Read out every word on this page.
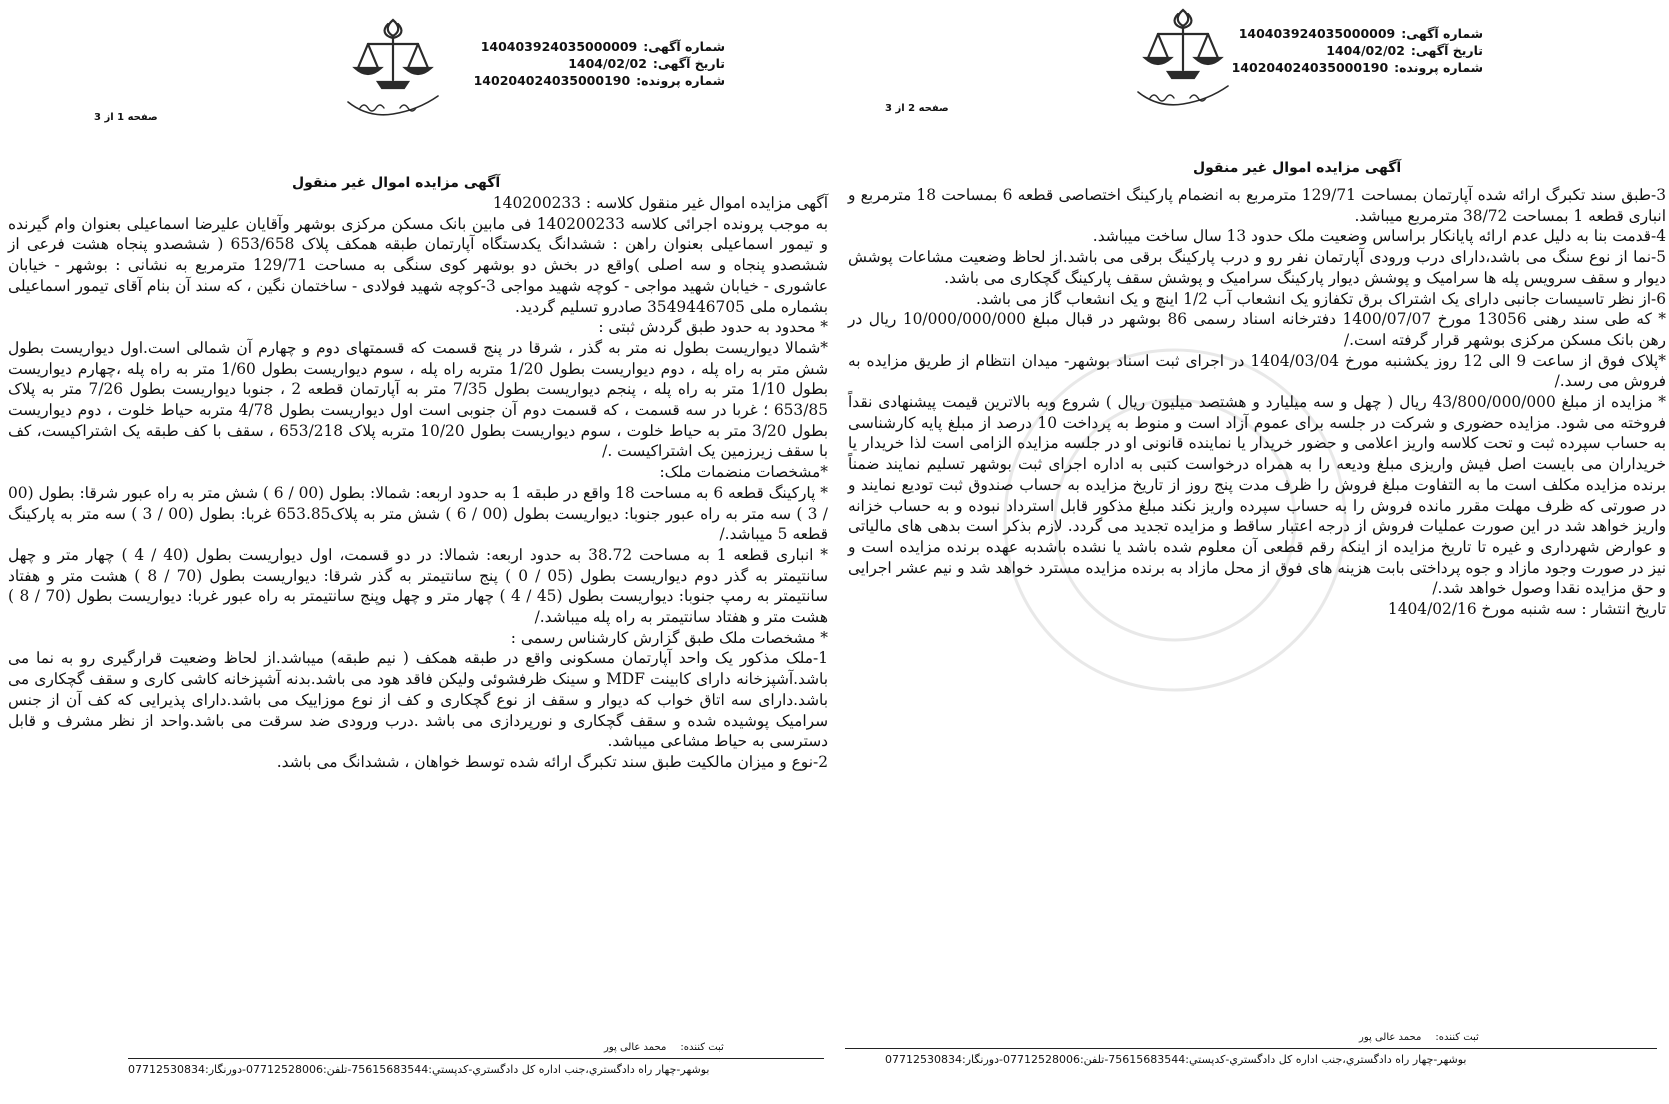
شماره آگهی:140403924035000009
تاریخ آگهی:1404/02/02
شماره پرونده:140204024035000190
صفحه 1 از 3
آگهی مزایده اموال غیر منقول

آگهی مزایده اموال غیر منقول کلاسه : 140200233

به موجب پرونده اجرائی کلاسه 140200233 فی مابین بانک مسکن مرکزی بوشهر وآقایان علیرضا اسماعیلی بعنوان وام گیرنده و تیمور اسماعیلی بعنوان راهن : ششدانگ یکدستگاه آپارتمان طبقه همکف پلاک 653/658 ( ششصدو پنجاه هشت فرعی از ششصدو پنجاه و سه اصلی )واقع در بخش دو بوشهر کوی سنگی به مساحت 129/71 مترمربع به نشانی : بوشهر - خیابان عاشوری - خیابان شهید مواجی - کوچه شهید مواجی 3-کوچه شهید فولادی - ساختمان نگین ، که سند آن بنام آقای تیمور اسماعیلی بشماره ملی 3549446705 صادرو تسلیم گردید.

* محدود به حدود طبق گردش ثبتی :

*شمالا دیواریست بطول نه متر به گذر ، شرقا در پنج قسمت که قسمتهای دوم و چهارم آن شمالی است.اول دیواریست بطول شش متر به راه پله ، دوم دیواریست بطول 1/20 متربه راه پله ، سوم دیواریست بطول 1/60 متر به راه پله ،چهارم دیواریست بطول 1/10 متر به راه پله ، پنجم دیواریست بطول 7/35 متر به آپارتمان قطعه 2 ، جنوبا دیواریست بطول 7/26 متر به پلاک 653/85 ؛ غربا در سه قسمت ، که قسمت دوم آن جنوبی است اول دیواریست بطول 4/78 متربه حیاط خلوت ، دوم دیواریست بطول 3/20 متر به حیاط خلوت ، سوم دیواریست بطول 10/20 متربه پلاک 653/218 ، سقف با کف طبقه یک اشتراکیست، کف با سقف زیرزمین یک اشتراکیست ./

*مشخصات منضمات ملک:

* پارکینگ قطعه 6 به مساحت 18 واقع در طبقه 1 به حدود اربعه: شمالا: بطول (00 / 6 ) شش متر به راه عبور شرقا: بطول (00 / 3 ) سه متر به راه عبور جنوبا: دیواریست بطول (00 / 6 ) شش متر به پلاک653.85 غربا: بطول (00 / 3 ) سه متر به پارکینگ قطعه 5 میباشد./

* انباری قطعه 1 به مساحت 38.72 به حدود اربعه: شمالا: در دو قسمت، اول دیواریست بطول (40 / 4 ) چهار متر و چهل سانتیمتر به گذر دوم دیواریست بطول (05 / 0 ) پنج سانتیمتر به گذر شرقا: دیواریست بطول (70 / 8 ) هشت متر و هفتاد سانتیمتر به رمپ جنوبا: دیواریست بطول (45 / 4 ) چهار متر و چهل وپنج سانتیمتر به راه عبور غربا: دیواریست بطول (70 / 8 ) هشت متر و هفتاد سانتیمتر به راه پله میباشد./

* مشخصات ملک طبق گزارش کارشناس رسمی :

1-ملک مذکور یک واحد آپارتمان مسکونی واقع در طبقه همکف ( نیم طبقه) میباشد.از لحاظ وضعیت قرارگیری رو به نما می باشد.آشپزخانه دارای کابینت MDF و سینک ظرفشوئی ولیکن فاقد هود می باشد.بدنه آشپزخانه کاشی کاری و سقف گچکاری می باشد.دارای سه اتاق خواب که دیوار و سقف از نوع گچکاری و کف از نوع موزاییک می باشد.دارای پذیرایی که کف آن از جنس سرامیک پوشیده شده و سقف گچکاری و نورپردازی می باشد .درب ورودی ضد سرقت می باشد.واحد از نظر مشرف و قابل دسترسی به حیاط مشاعی میباشد.

2-نوع و میزان مالکیت طبق سند تکبرگ ارائه شده توسط خواهان ، ششدانگ می باشد.

ثبت کننده:محمد عالی پور
بوشهر-چهار راه دادگستري،جنب اداره كل دادگستري-كدپستي:75615683544-تلفن:07712528006-دورنگار:07712530834
شماره آگهی:140403924035000009
تاریخ آگهی:1404/02/02
شماره پرونده:140204024035000190
صفحه 2 از 3
آگهی مزایده اموال غیر منقول

3-طبق سند تکبرگ ارائه شده آپارتمان بمساحت 129/71 مترمربع به انضمام پارکینگ اختصاصی قطعه 6 بمساحت 18 مترمربع و انباری قطعه 1 بمساحت 38/72 مترمربع میباشد.

4-قدمت بنا به دلیل عدم ارائه پایانکار براساس وضعیت ملک حدود 13 سال ساخت میباشد.

5-نما از نوع سنگ می باشد،دارای درب ورودی آپارتمان نفر رو و درب پارکینگ برقی می باشد.از لحاظ وضعیت مشاعات پوشش دیوار و سقف سرویس پله ها سرامیک و پوشش دیوار پارکینگ سرامیک و پوشش سقف پارکینگ گچکاری می باشد.

6-از نظر تاسیسات جانبی دارای یک اشتراک برق تکفازو یک انشعاب آب 1/2 اینچ و یک انشعاب گاز می باشد.

* که طی سند رهنی 13056 مورخ 1400/07/07 دفترخانه اسناد رسمی 86 بوشهر در قبال مبلغ 10/000/000/000 ریال در رهن بانک مسکن مرکزی بوشهر قرار گرفته است./

*پلاک فوق از ساعت 9 الی 12 روز یکشنبه مورخ 1404/03/04 در اجرای ثبت اسناد بوشهر- میدان انتظام از طریق مزایده به فروش می رسد./

* مزایده از مبلغ 43/800/000/000 ریال ( چهل و سه میلیارد و هشتصد میلیون ریال ) شروع وبه بالاترین قیمت پیشنهادی نقداً فروخته می شود. مزایده حضوری و شرکت در جلسه برای عموم آزاد است و منوط به پرداخت 10 درصد از مبلغ پایه کارشناسی به حساب سپرده ثبت و تحت کلاسه واریز اعلامی و حضور خریدار یا نماینده قانونی او در جلسه مزایده الزامی است لذا خریدار یا خریداران می بایست اصل فیش واریزی مبلغ ودیعه را به همراه درخواست کتبی به اداره اجرای ثبت بوشهر تسلیم نمایند ضمناً برنده مزایده مکلف است ما به التفاوت مبلغ فروش را ظرف مدت پنج روز از تاریخ مزایده به حساب صندوق ثبت تودیع نمایند و در صورتی که ظرف مهلت مقرر مانده فروش را به حساب سپرده واریز نکند مبلغ مذکور قابل استرداد نبوده و به حساب خزانه واریز خواهد شد در این صورت عملیات فروش از درجه اعتبار ساقط و مزایده تجدید می گردد. لازم بذکر است بدهی های مالیاتی و عوارض شهرداری و غیره تا تاریخ مزایده از اینکه رقم قطعی آن معلوم شده باشد یا نشده باشدبه عهده برنده مزایده است و نیز در صورت وجود مازاد و جوه پرداختی بابت هزینه های فوق از محل مازاد به برنده مزایده مسترد خواهد شد و نیم عشر اجرایی و حق مزایده نقدا وصول خواهد شد./

تاریخ انتشار : سه شنبه مورخ 1404/02/16

ثبت کننده:محمد عالی پور
بوشهر-چهار راه دادگستري،جنب اداره كل دادگستري-كدپستي:75615683544-تلفن:07712528006-دورنگار:07712530834
